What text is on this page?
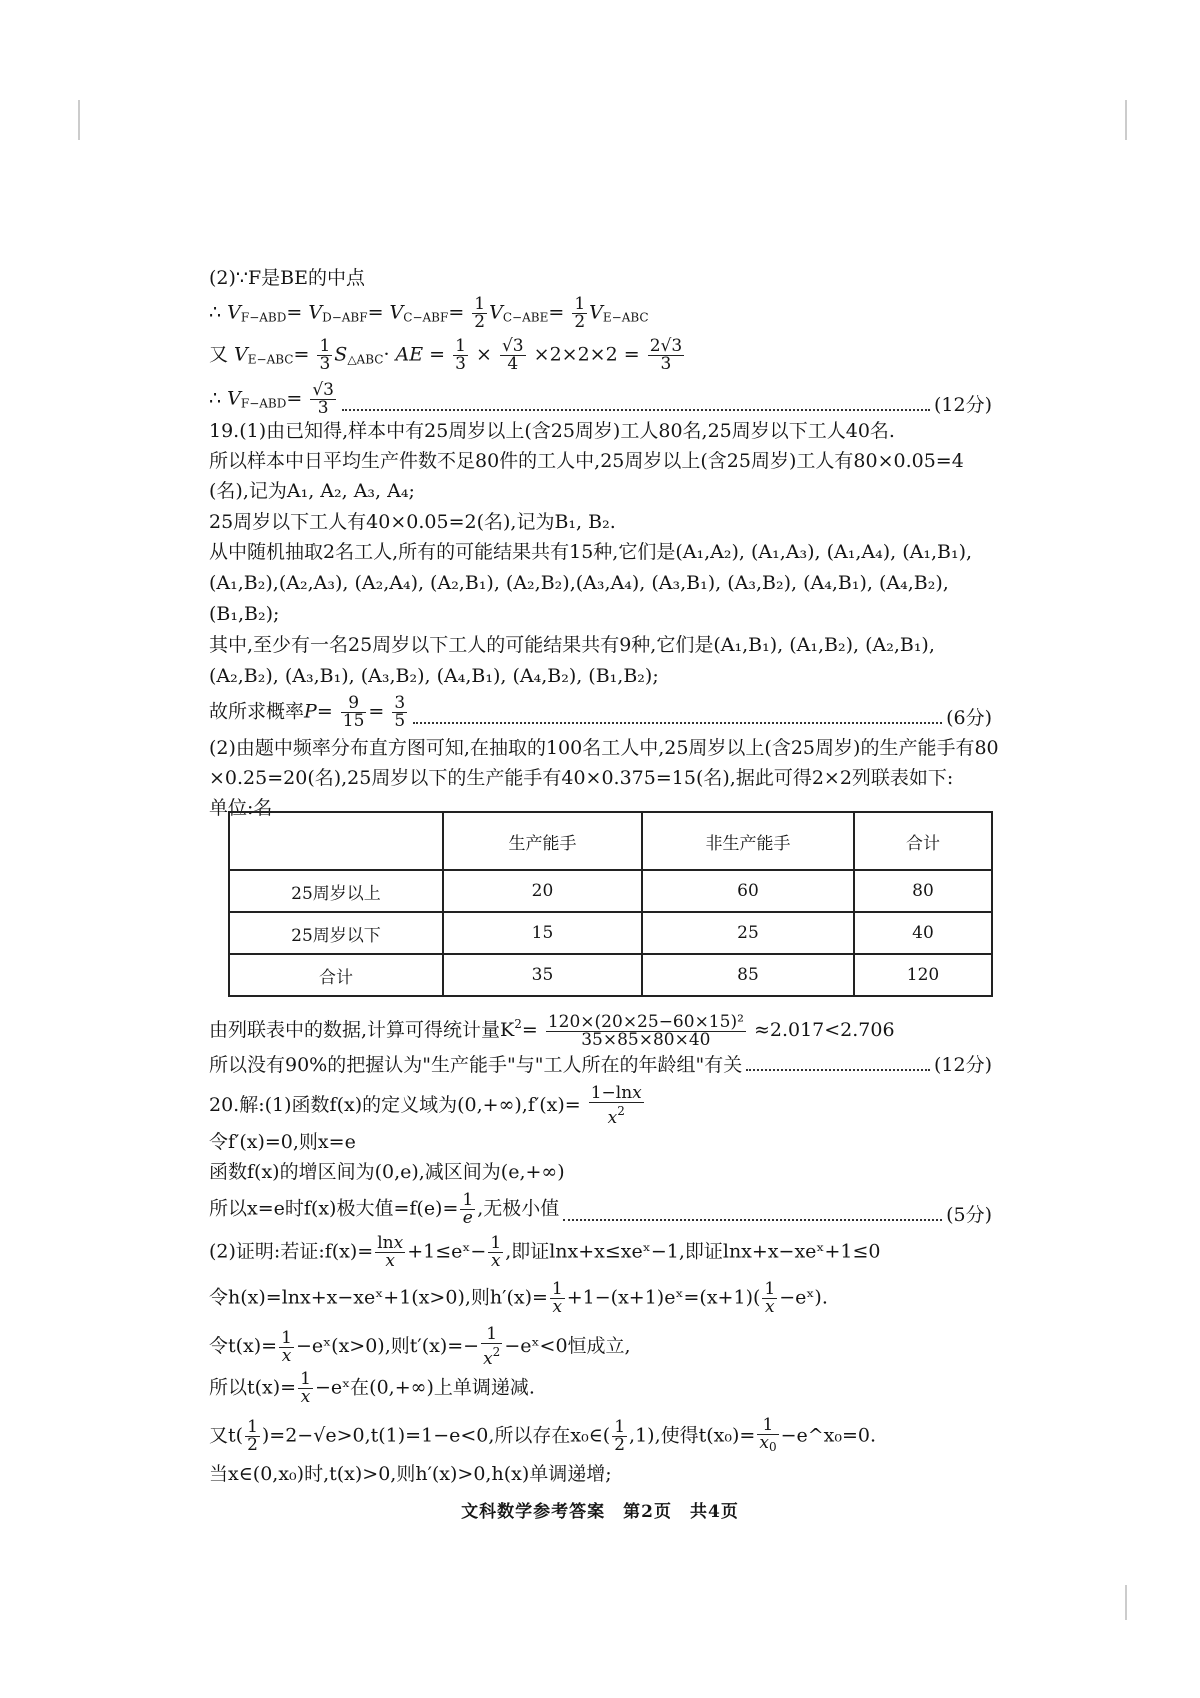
(2)∵F是BE的中点
∴ $V_{F-ABD}= V_{D-ABF}= V_{C-ABF}= \frac{1}{2} V_{C-ABE}= \frac{1}{2} V_{E-ABC}$
又 $V_{E-ABC}= \frac{1}{3} S_{\triangle ABC}\cdot$ AE = $\frac{1}{3} \times \frac{√3}{4} \times 2\times 2\times 2 = \frac{2√3}{3}$
∴ $V_{F-ABD}= \frac{√3}{3}$	(12分)
19.(1)由已知得,样本中有25周岁以上(含25周岁)工人80名,25周岁以下工人40名.
所以样本中日平均生产件数不足80件的工人中,25周岁以上(含25周岁)工人有80×0.05=4
(名),记为A₁, A₂, A₃, A₄;
25周岁以下工人有40×0.05=2(名),记为B₁, B₂.
从中随机抽取2名工人,所有的可能结果共有15种,它们是(A₁,A₂), (A₁,A₃), (A₁,A₄), (A₁,B₁),
(A₁,B₂),(A₂,A₃), (A₂,A₄), (A₂,B₁), (A₂,B₂),(A₃,A₄), (A₃,B₁), (A₃,B₂), (A₄,B₁), (A₄,B₂),
(B₁,B₂);
其中,至少有一名25周岁以下工人的可能结果共有9种,它们是(A₁,B₁), (A₁,B₂), (A₂,B₁),
(A₂,B₂), (A₃,B₁), (A₃,B₂), (A₄,B₁), (A₄,B₂), (B₁,B₂);
故所求概率$P= \frac{9}{15} = \frac{3}{5}$	(6分)
(2)由题中频率分布直方图可知,在抽取的100名工人中,25周岁以上(含25周岁)的生产能手有80
×0.25=20(名),25周岁以下的生产能手有40×0.375=15(名),据此可得2×2列联表如下:
单位:名
	生产能手	非生产能手	合计
25周岁以上	20	60	80
25周岁以下	15	25	40
合计	35	85	120
由列联表中的数据,计算可得统计量$K^2= \frac{\text{120×(20×25−60×15)²}}{35\times 85\times 80\times 40} \approx 2.017<2.706$
所以没有90%的把握认为"生产能手"与"工人所在的年龄组"有关	(12分)
20.解:(1)函数f(x)的定义域为$(0,+\infty),f'(x)= \frac{1-\ln x}{x^2}$
令f′(x)=0,则x=e
函数f(x)的增区间为(0,e),减区间为(e,+∞)
所以x=e时f(x)极大值$=f(e)= \frac{1}{e}$ ,无极小值	(5分)
(2)证明:若证:f(x)= $\frac{\ln x}{x}$ +1≤eˣ− $\frac{1}{x}$ ,即证lnx+x≤xeˣ−1,即证lnx+x−xeˣ+1≤0
令h(x)=lnx+x−xeˣ+1(x>0),则$h'(x)= \frac{1}{x}$ +1−(x+1)eˣ=(x+1)( $\frac{1}{x}$ −eˣ).
令$t(x)= \frac{1}{x}$ −eˣ(x>0),则$t'(x)=- \frac{1}{x^2}$ −eˣ<0恒成立,
所以$t(x)= \frac{1}{x}$ −eˣ在(0,+∞)上单调递减.
又$t( \frac{1}{2} )=2-√e>0,t(1)=1-e<0$,所以存在x₀∈( $\frac{1}{2} ,1$),使得$t(x_0)= \frac{1}{x_0}$ −e^x₀=0.
当x∈(0,x₀)时,t(x)>0,则h′(x)>0,h(x)单调递增;
文科数学参考答案　第2页　共4页
